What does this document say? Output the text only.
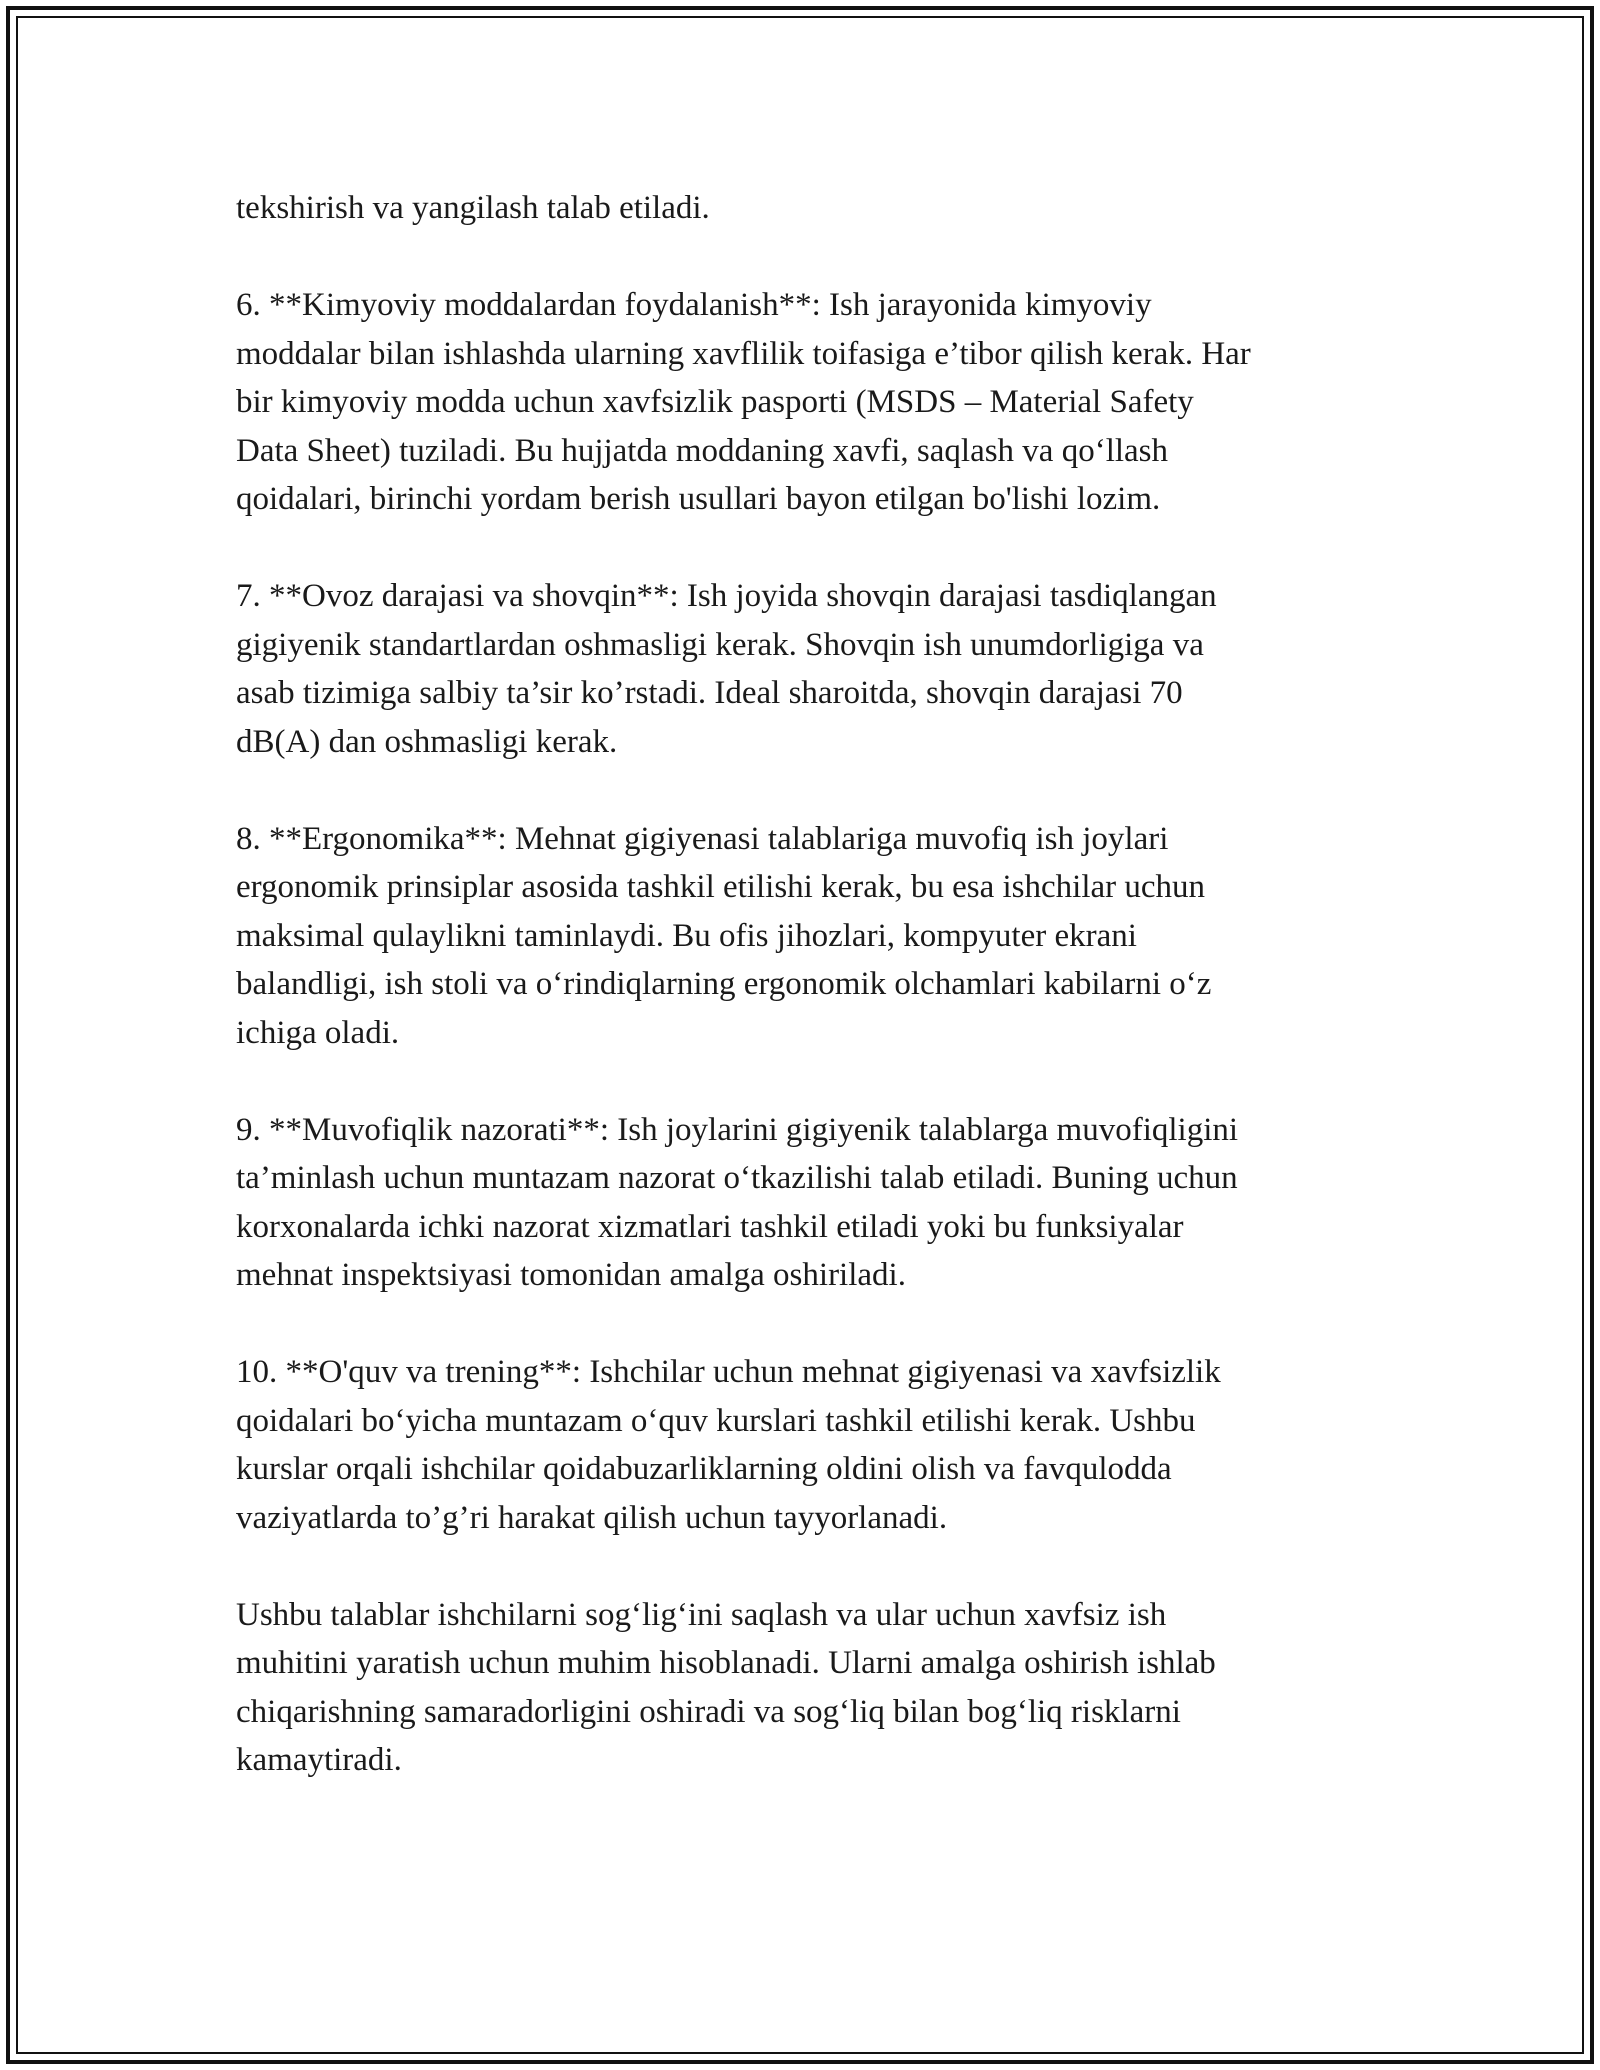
tekshirish va yangilash talab etiladi.

6. **Kimyoviy moddalardan foydalanish**: Ish jarayonida kimyoviy
moddalar bilan ishlashda ularning xavflilik toifasiga e’tibor qilish kerak. Har
bir kimyoviy modda uchun xavfsizlik pasporti (MSDS – Material Safety
Data Sheet) tuziladi. Bu hujjatda moddaning xavfi, saqlash va qo‘llash
qoidalari, birinchi yordam berish usullari bayon etilgan bo'lishi lozim.

7. **Ovoz darajasi va shovqin**: Ish joyida shovqin darajasi tasdiqlangan
gigiyenik standartlardan oshmasligi kerak. Shovqin ish unumdorligiga va
asab tizimiga salbiy ta’sir ko’rstadi. Ideal sharoitda, shovqin darajasi 70
dB(A) dan oshmasligi kerak.

8. **Ergonomika**: Mehnat gigiyenasi talablariga muvofiq ish joylari
ergonomik prinsiplar asosida tashkil etilishi kerak, bu esa ishchilar uchun
maksimal qulaylikni taminlaydi. Bu ofis jihozlari, kompyuter ekrani
balandligi, ish stoli va o‘rindiqlarning ergonomik olchamlari kabilarni o‘z
ichiga oladi.

9. **Muvofiqlik nazorati**: Ish joylarini gigiyenik talablarga muvofiqligini
ta’minlash uchun muntazam nazorat o‘tkazilishi talab etiladi. Buning uchun
korxonalarda ichki nazorat xizmatlari tashkil etiladi yoki bu funksiyalar
mehnat inspektsiyasi tomonidan amalga oshiriladi.

10. **O'quv va trening**: Ishchilar uchun mehnat gigiyenasi va xavfsizlik
qoidalari bo‘yicha muntazam o‘quv kurslari tashkil etilishi kerak. Ushbu
kurslar orqali ishchilar qoidabuzarliklarning oldini olish va favqulodda
vaziyatlarda to’g’ri harakat qilish uchun tayyorlanadi.

Ushbu talablar ishchilarni sog‘lig‘ini saqlash va ular uchun xavfsiz ish
muhitini yaratish uchun muhim hisoblanadi. Ularni amalga oshirish ishlab
chiqarishning samaradorligini oshiradi va sog‘liq bilan bog‘liq risklarni
kamaytiradi.
